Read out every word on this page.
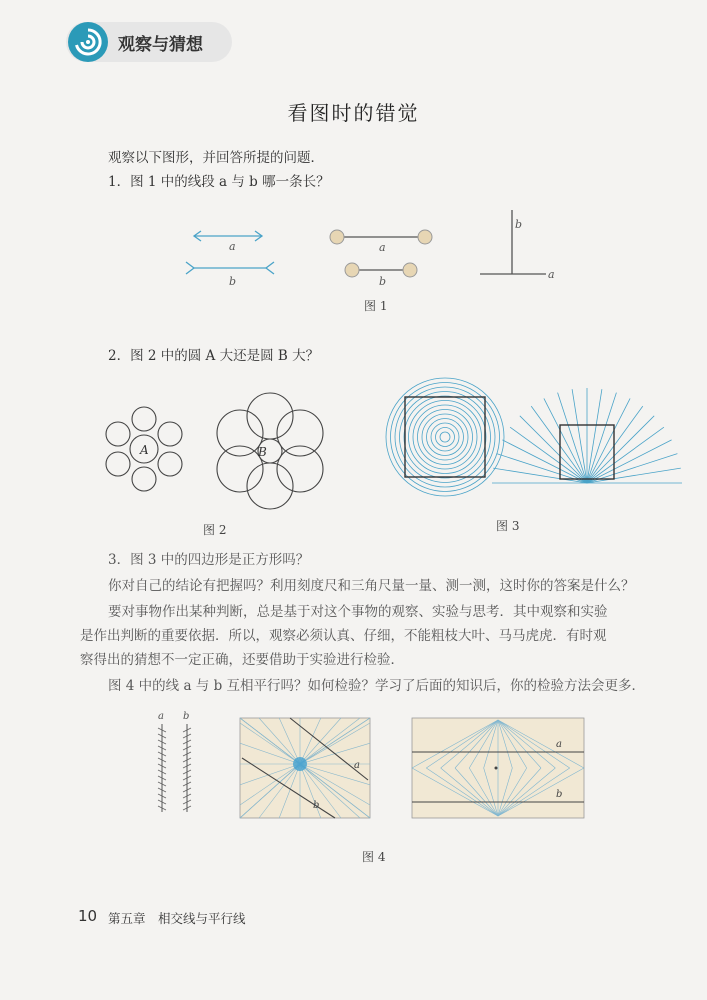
观察与猜想
看图时的错觉
观察以下图形，并回答所提的问题．
1．图 1 中的线段 a 与 b 哪一条长？
a
b
a
b
b
a
图 1
2．图 2 中的圆 A 大还是圆 B 大？
A	B
图 2	图 3
3．图 3 中的四边形是正方形吗？
你对自己的结论有把握吗？利用刻度尺和三角尺量一量、测一测，这时你的答案是什么？
要对事物作出某种判断，总是基于对这个事物的观察、实验与思考．其中观察和实验
是作出判断的重要依据．所以，观察必须认真、仔细，不能粗枝大叶、马马虎虎．有时观
察得出的猜想不一定正确，还要借助于实验进行检验．
图 4 中的线 a 与 b 互相平行吗？如何检验？学习了后面的知识后，你的检验方法会更多．
a b
a
b
a
b
图 4
10 第五章　相交线与平行线
